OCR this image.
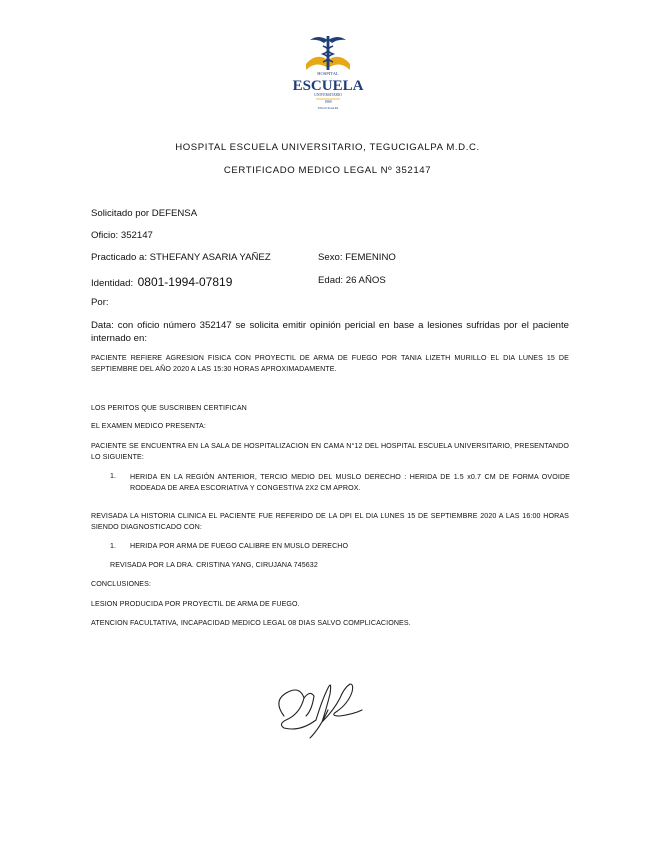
HOSPITAL
ESCUELA
UNIVERSITARIO
1969
TEGUCIGALPA
HOSPITAL ESCUELA UNIVERSITARIO, TEGUCIGALPA M.D.C.
CERTIFICADO MEDICO LEGAL Nº 352147
Solicitado por DEFENSA
Oficio: 352147
Practicado a: STHEFANY ASARIA YAÑEZ	Sexo: FEMENINO
Identidad: 0801-1994-07819	Edad: 26 AÑOS
Por:
Data: con oficio número 352147 se solicita emitir opinión pericial en base a lesiones sufridas por el paciente internado en:
PACIENTE REFIERE AGRESION FISICA CON PROYECTIL DE ARMA DE FUEGO POR TANIA LIZETH MURILLO EL DIA LUNES 15 DE SEPTIEMBRE DEL AÑO 2020 A LAS 15:30 HORAS APROXIMADAMENTE.
LOS PERITOS QUE SUSCRIBEN CERTIFICAN
EL EXAMEN MEDICO PRESENTA:
PACIENTE SE ENCUENTRA EN LA SALA DE HOSPITALIZACION EN CAMA N°12 DEL HOSPITAL ESCUELA UNIVERSITARIO, PRESENTANDO LO SIGUIENTE:
1. HERIDA EN LA REGIÓN ANTERIOR, TERCIO MEDIO DEL MUSLO DERECHO : HERIDA DE 1.5 x0.7 CM DE FORMA OVOIDE RODEADA DE AREA ESCORIATIVA Y CONGESTIVA 2X2 CM APROX.
REVISADA LA HISTORIA CLINICA EL PACIENTE FUE REFERIDO DE LA DPI EL DIA LUNES 15 DE SEPTIEMBRE 2020 A LAS 16:00 HORAS SIENDO DIAGNOSTICADO CON:
1. HERIDA POR ARMA DE FUEGO CALIBRE EN MUSLO DERECHO
REVISADA POR LA DRA. CRISTINA YANG, CIRUJANA 745632
CONCLUSIONES:
LESION PRODUCIDA POR PROYECTIL DE ARMA DE FUEGO.
ATENCION FACULTATIVA, INCAPACIDAD MEDICO LEGAL 08 DIAS SALVO COMPLICACIONES.
